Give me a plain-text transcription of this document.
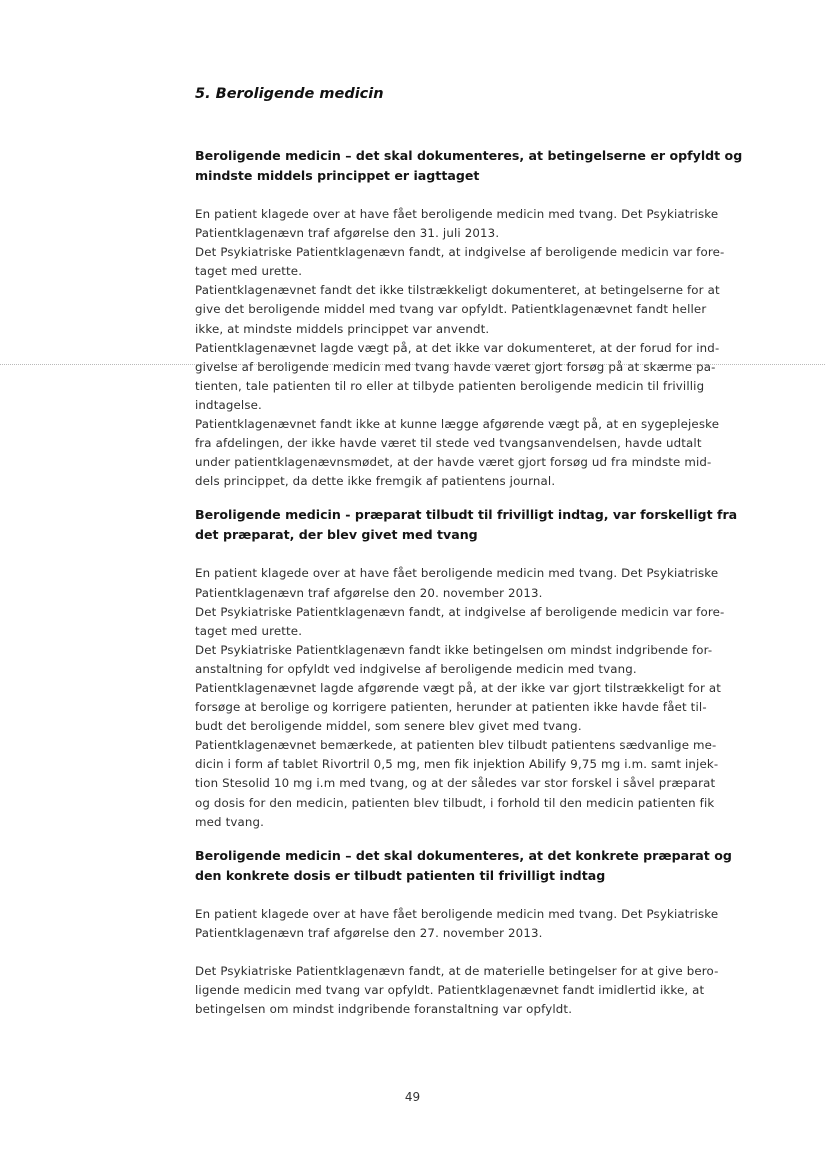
5. Beroligende medicin
Beroligende medicin – det skal dokumenteres, at betingelserne er opfyldt og
mindste middels princippet er iagttaget

En patient klagede over at have fået beroligende medicin med tvang. Det Psykiatriske
Patientklagenævn traf afgørelse den 31. juli 2013.
Det Psykiatriske Patientklagenævn fandt, at indgivelse af beroligende medicin var fore-
taget med urette.
Patientklagenævnet fandt det ikke tilstrækkeligt dokumenteret, at betingelserne for at
give det beroligende middel med tvang var opfyldt. Patientklagenævnet fandt heller
ikke, at mindste middels princippet var anvendt.
Patientklagenævnet lagde vægt på, at det ikke var dokumenteret, at der forud for ind-
givelse af beroligende medicin med tvang havde været gjort forsøg på at skærme pa-
tienten, tale patienten til ro eller at tilbyde patienten beroligende medicin til frivillig
indtagelse.
Patientklagenævnet fandt ikke at kunne lægge afgørende vægt på, at en sygeplejeske
fra afdelingen, der ikke havde været til stede ved tvangsanvendelsen, havde udtalt
under patientklagenævnsmødet, at der havde været gjort forsøg ud fra mindste mid-
dels princippet, da dette ikke fremgik af patientens journal.

Beroligende medicin - præparat tilbudt til frivilligt indtag, var forskelligt fra
det præparat, der blev givet med tvang

En patient klagede over at have fået beroligende medicin med tvang. Det Psykiatriske
Patientklagenævn traf afgørelse den 20. november 2013.
Det Psykiatriske Patientklagenævn fandt, at indgivelse af beroligende medicin var fore-
taget med urette.
Det Psykiatriske Patientklagenævn fandt ikke betingelsen om mindst indgribende for-
anstaltning for opfyldt ved indgivelse af beroligende medicin med tvang.
Patientklagenævnet lagde afgørende vægt på, at der ikke var gjort tilstrækkeligt for at
forsøge at berolige og korrigere patienten, herunder at patienten ikke havde fået til-
budt det beroligende middel, som senere blev givet med tvang.
Patientklagenævnet bemærkede, at patienten blev tilbudt patientens sædvanlige me-
dicin i form af tablet Rivortril 0,5 mg, men fik injektion Abilify 9,75 mg i.m. samt injek-
tion Stesolid 10 mg i.m med tvang, og at der således var stor forskel i såvel præparat
og dosis for den medicin, patienten blev tilbudt, i forhold til den medicin patienten fik
med tvang.

Beroligende medicin – det skal dokumenteres, at det konkrete præparat og
den konkrete dosis er tilbudt patienten til frivilligt indtag

En patient klagede over at have fået beroligende medicin med tvang. Det Psykiatriske
Patientklagenævn traf afgørelse den 27. november 2013.

Det Psykiatriske Patientklagenævn fandt, at de materielle betingelser for at give bero-
ligende medicin med tvang var opfyldt. Patientklagenævnet fandt imidlertid ikke, at
betingelsen om mindst indgribende foranstaltning var opfyldt.

49
